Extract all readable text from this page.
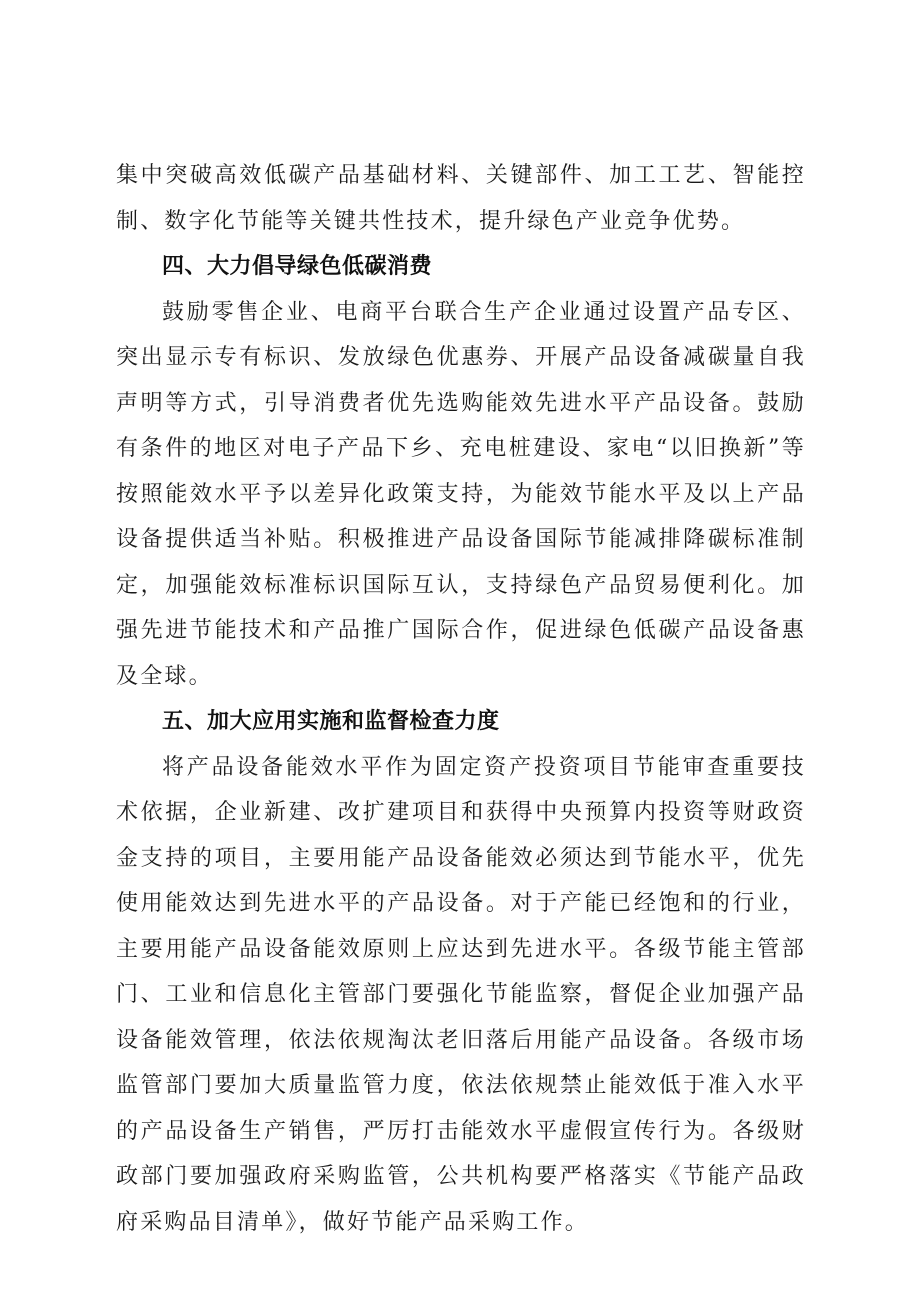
集中突破高效低碳产品基础材料、关键部件、加工工艺、智能控制、数字化节能等关键共性技术，提升绿色产业竞争优势。

四、大力倡导绿色低碳消费

鼓励零售企业、电商平台联合生产企业通过设置产品专区、突出显示专有标识、发放绿色优惠券、开展产品设备减碳量自我声明等方式，引导消费者优先选购能效先进水平产品设备。鼓励有条件的地区对电子产品下乡、充电桩建设、家电“以旧换新”等按照能效水平予以差异化政策支持，为能效节能水平及以上产品设备提供适当补贴。积极推进产品设备国际节能减排降碳标准制定，加强能效标准标识国际互认，支持绿色产品贸易便利化。加强先进节能技术和产品推广国际合作，促进绿色低碳产品设备惠及全球。

五、加大应用实施和监督检查力度

将产品设备能效水平作为固定资产投资项目节能审查重要技术依据，企业新建、改扩建项目和获得中央预算内投资等财政资金支持的项目，主要用能产品设备能效必须达到节能水平，优先使用能效达到先进水平的产品设备。对于产能已经饱和的行业，主要用能产品设备能效原则上应达到先进水平。各级节能主管部门、工业和信息化主管部门要强化节能监察，督促企业加强产品设备能效管理，依法依规淘汰老旧落后用能产品设备。各级市场监管部门要加大质量监管力度，依法依规禁止能效低于准入水平的产品设备生产销售，严厉打击能效水平虚假宣传行为。各级财政部门要加强政府采购监管，公共机构要严格落实《节能产品政府采购品目清单》，做好节能产品采购工作。
